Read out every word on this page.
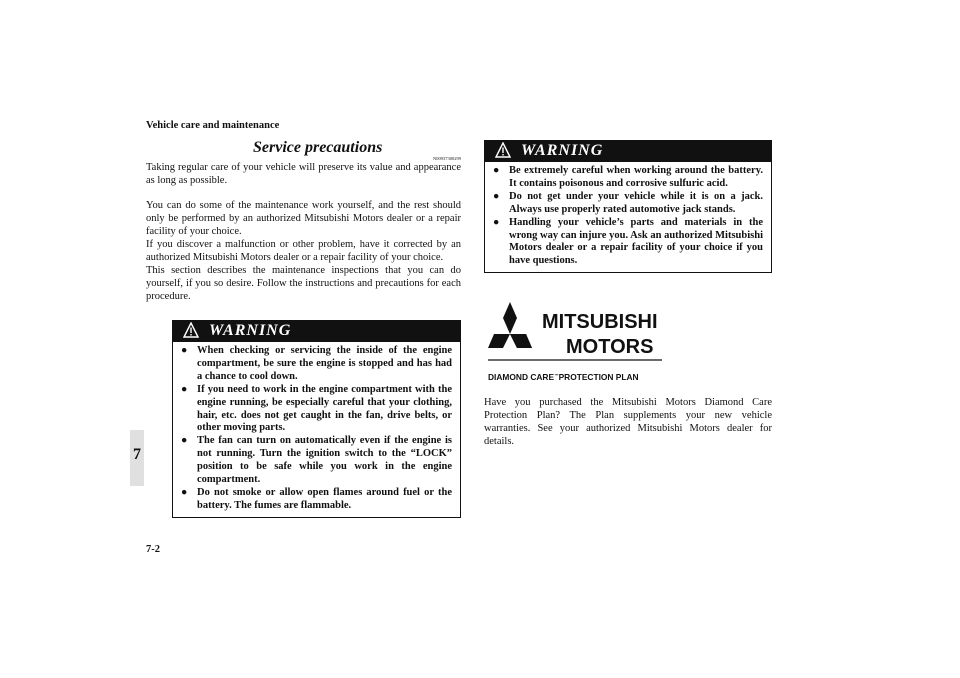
Vehicle care and maintenance
7
Service precautions
N00937300299

Taking regular care of your vehicle will preserve its value and appearance as long as possible.

You can do some of the maintenance work yourself, and the rest should only be performed by an authorized Mitsubishi Motors dealer or a repair facility of your choice.
If you discover a malfunction or other problem, have it corrected by an authorized Mitsubishi Motors dealer or a repair facility of your choice.
This section describes the maintenance inspections that you can do yourself, if you so desire. Follow the instructions and precautions for each procedure.

WARNING
● When checking or servicing the inside of the engine compartment, be sure the engine is stopped and has had a chance to cool down.
● If you need to work in the engine compartment with the engine running, be especially careful that your clothing, hair, etc. does not get caught in the fan, drive belts, or other moving parts.
● The fan can turn on automatically even if the engine is not running. Turn the ignition switch to the “LOCK” position to be safe while you work in the engine compartment.
● Do not smoke or allow open flames around fuel or the battery. The fumes are flammable.
WARNING
● Be extremely careful when working around the battery. It contains poisonous and corrosive sulfuric acid.
● Do not get under your vehicle while it is on a jack. Always use properly rated automotive jack stands.
● Handling your vehicle’s parts and materials in the wrong way can injure you. Ask an authorized Mitsubishi Motors dealer or a repair facility of your choice if you have questions.
MITSUBISHI
MOTORS
DIAMOND CARE™PROTECTION PLAN

Have you purchased the Mitsubishi Motors Diamond Care Protection Plan? The Plan supplements your new vehicle warranties. See your authorized Mitsubishi Motors dealer for details.

7-2
